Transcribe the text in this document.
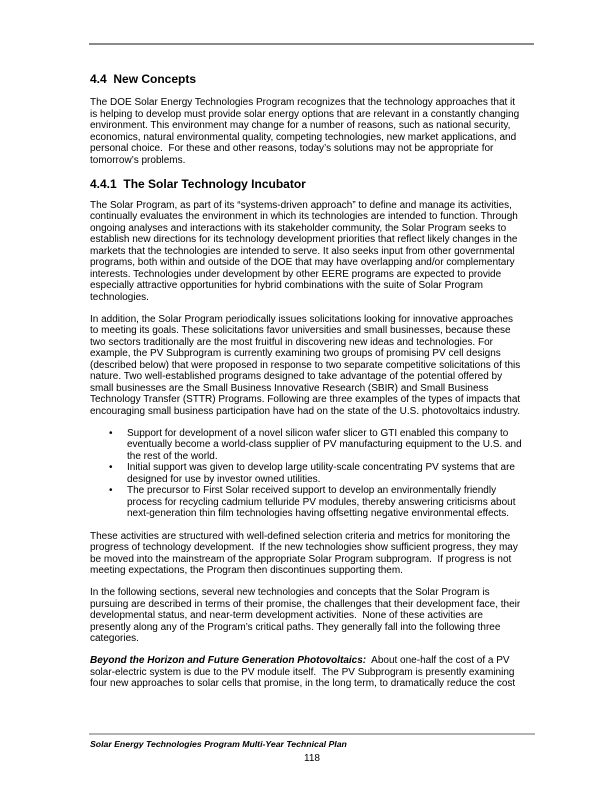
4.4  New Concepts

The DOE Solar Energy Technologies Program recognizes that the technology approaches that it is helping to develop must provide solar energy options that are relevant in a constantly changing environment. This environment may change for a number of reasons, such as national security, economics, natural environmental quality, competing technologies, new market applications, and personal choice.  For these and other reasons, today’s solutions may not be appropriate for tomorrow’s problems.

4.4.1  The Solar Technology Incubator

The Solar Program, as part of its “systems-driven approach” to define and manage its activities, continually evaluates the environment in which its technologies are intended to function. Through ongoing analyses and interactions with its stakeholder community, the Solar Program seeks to establish new directions for its technology development priorities that reflect likely changes in the markets that the technologies are intended to serve. It also seeks input from other governmental programs, both within and outside of the DOE that may have overlapping and/or complementary interests. Technologies under development by other EERE programs are expected to provide especially attractive opportunities for hybrid combinations with the suite of Solar Program technologies.

In addition, the Solar Program periodically issues solicitations looking for innovative approaches to meeting its goals. These solicitations favor universities and small businesses, because these two sectors traditionally are the most fruitful in discovering new ideas and technologies. For example, the PV Subprogram is currently examining two groups of promising PV cell designs (described below) that were proposed in response to two separate competitive solicitations of this nature. Two well-established programs designed to take advantage of the potential offered by small businesses are the Small Business Innovative Research (SBIR) and Small Business Technology Transfer (STTR) Programs. Following are three examples of the types of impacts that encouraging small business participation have had on the state of the U.S. photovoltaics industry.

• Support for development of a novel silicon wafer slicer to GTI enabled this company to eventually become a world-class supplier of PV manufacturing equipment to the U.S. and the rest of the world.
• Initial support was given to develop large utility-scale concentrating PV systems that are designed for use by investor owned utilities.
• The precursor to First Solar received support to develop an environmentally friendly process for recycling cadmium telluride PV modules, thereby answering criticisms about next-generation thin film technologies having offsetting negative environmental effects.

These activities are structured with well-defined selection criteria and metrics for monitoring the progress of technology development.  If the new technologies show sufficient progress, they may be moved into the mainstream of the appropriate Solar Program subprogram.  If progress is not meeting expectations, the Program then discontinues supporting them.

In the following sections, several new technologies and concepts that the Solar Program is pursuing are described in terms of their promise, the challenges that their development face, their developmental status, and near-term development activities.  None of these activities are presently along any of the Program’s critical paths. They generally fall into the following three categories.

Beyond the Horizon and Future Generation Photovoltaics:  About one-half the cost of a PV solar-electric system is due to the PV module itself.  The PV Subprogram is presently examining four new approaches to solar cells that promise, in the long term, to dramatically reduce the cost

Solar Energy Technologies Program Multi-Year Technical Plan
118
